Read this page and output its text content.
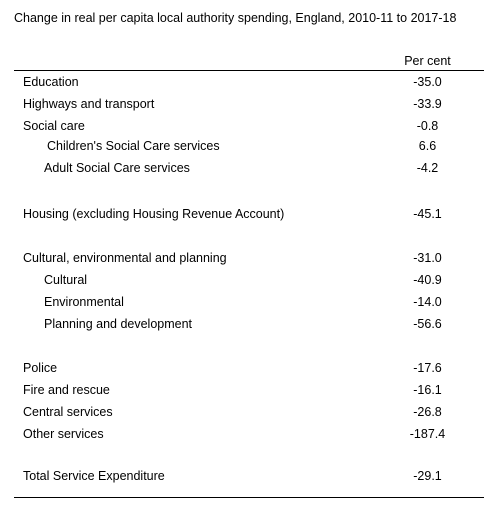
Change in real per capita local authority spending, England, 2010-11 to 2017-18
Per cent
Education	-35.0
Highways and transport	-33.9
Social care	-0.8
Children's Social Care services	6.6
Adult Social Care services	-4.2
Housing (excluding Housing Revenue Account)	-45.1
Cultural, environmental and planning	-31.0
Cultural	-40.9
Environmental	-14.0
Planning and development	-56.6
Police	-17.6
Fire and rescue	-16.1
Central services	-26.8
Other services	-187.4
Total Service Expenditure	-29.1
